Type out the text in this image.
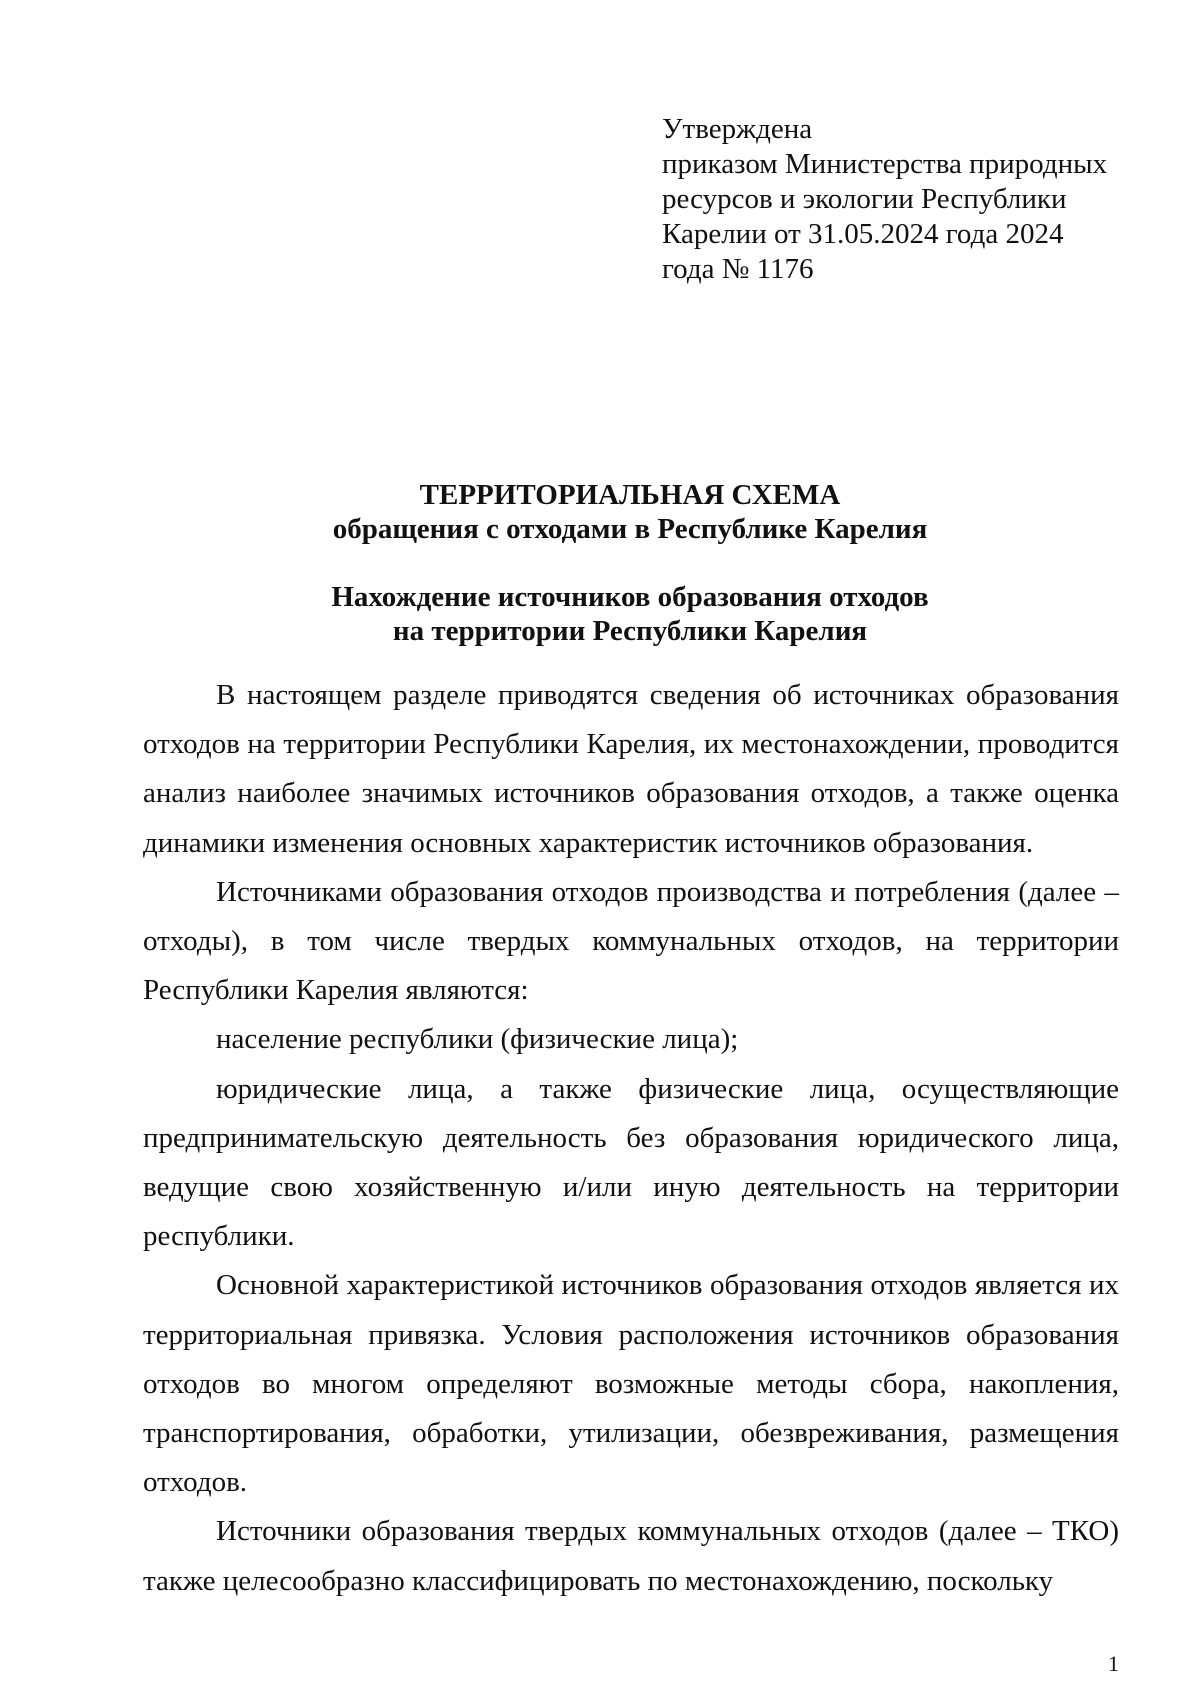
Утверждена
приказом Министерства природных
ресурсов и экологии Республики
Карелии от 31.05.2024 года 2024
года № 1176
ТЕРРИТОРИАЛЬНАЯ СХЕМА
обращения с отходами в Республике Карелия
Нахождение источников образования отходов
на территории Республики Карелия

В настоящем разделе приводятся сведения об источниках образования отходов на территории Республики Карелия, их местонахождении, проводится анализ наиболее значимых источников образования отходов, а также оценка динамики изменения основных характеристик источников образования.

Источниками образования отходов производства и потребления (далее – отходы), в том числе твердых коммунальных отходов, на территории Республики Карелия являются:

население республики (физические лица);

юридические лица, а также физические лица, осуществляющие предпринимательскую деятельность без образования юридического лица, ведущие свою хозяйственную и/или иную деятельность на территории республики.

Основной характеристикой источников образования отходов является их территориальная привязка. Условия расположения источников образования отходов во многом определяют возможные методы сбора, накопления, транспортирования, обработки, утилизации, обезвреживания, размещения отходов.

Источники образования твердых коммунальных отходов (далее – ТКО) также целесообразно классифицировать по местонахождению, поскольку

1
